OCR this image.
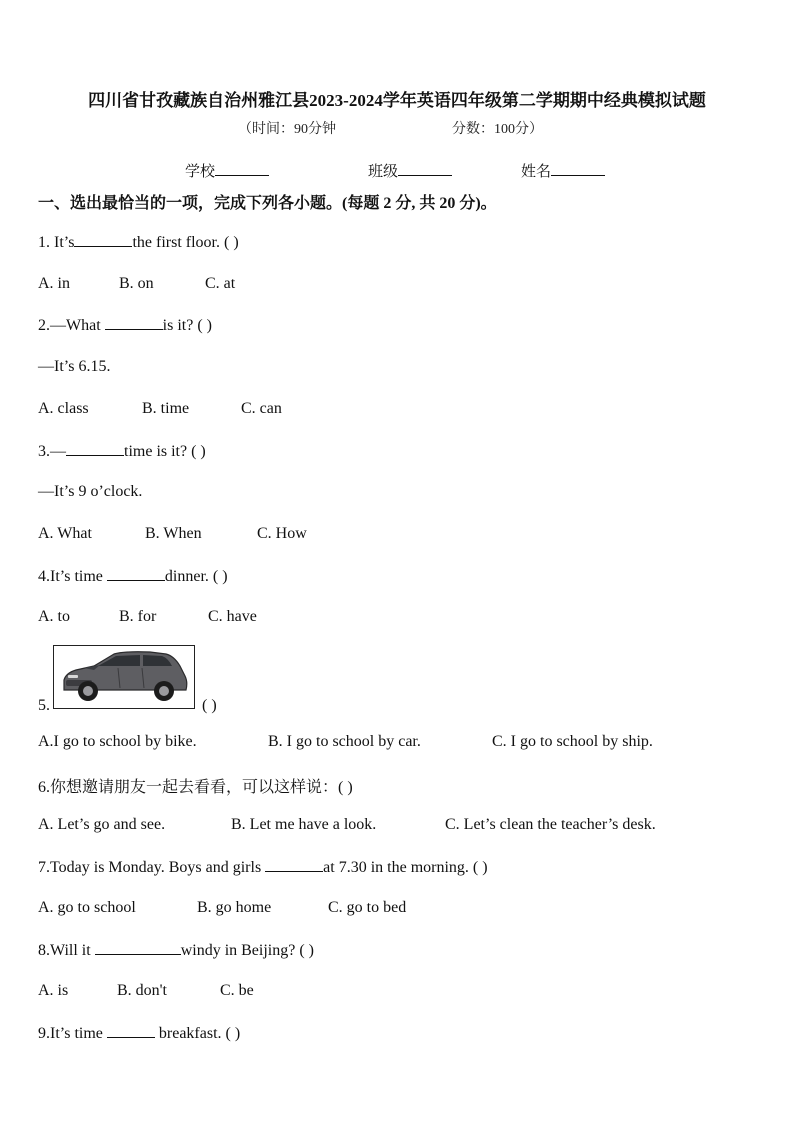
四川省甘孜藏族自治州雅江县2023-2024学年英语四年级第二学期期中经典模拟试题
（时间：90分钟	分数：100分）
学校	班级	姓名
一、选出最恰当的一项，完成下列各小题。(每题 2 分, 共 20 分)。
1. It’s	the first floor. ( )
A. in	B. on	C. at
2.—What	is it? ( )
—It’s 6.15.
A. class	B. time	C. can
3.—	time is it? ( )
—It’s 9 o’clock.
A. What	B. When	C. How
4.It’s time	dinner. ( )
A. to	B. for	C. have
5.	( )
A.I go to school by bike.	B. I go to school by car.	C. I go to school by ship.
6.你想邀请朋友一起去看看，可以这样说：( )
A. Let’s go and see.	B. Let me have a look.	C. Let’s clean the teacher’s desk.
7.Today is Monday. Boys and girls	at 7.30 in the morning. ( )
A. go to school	B. go home	C. go to bed
8.Will it	windy in Beijing? ( )
A. is	B. don't	C. be
9.It’s time	breakfast. ( )
